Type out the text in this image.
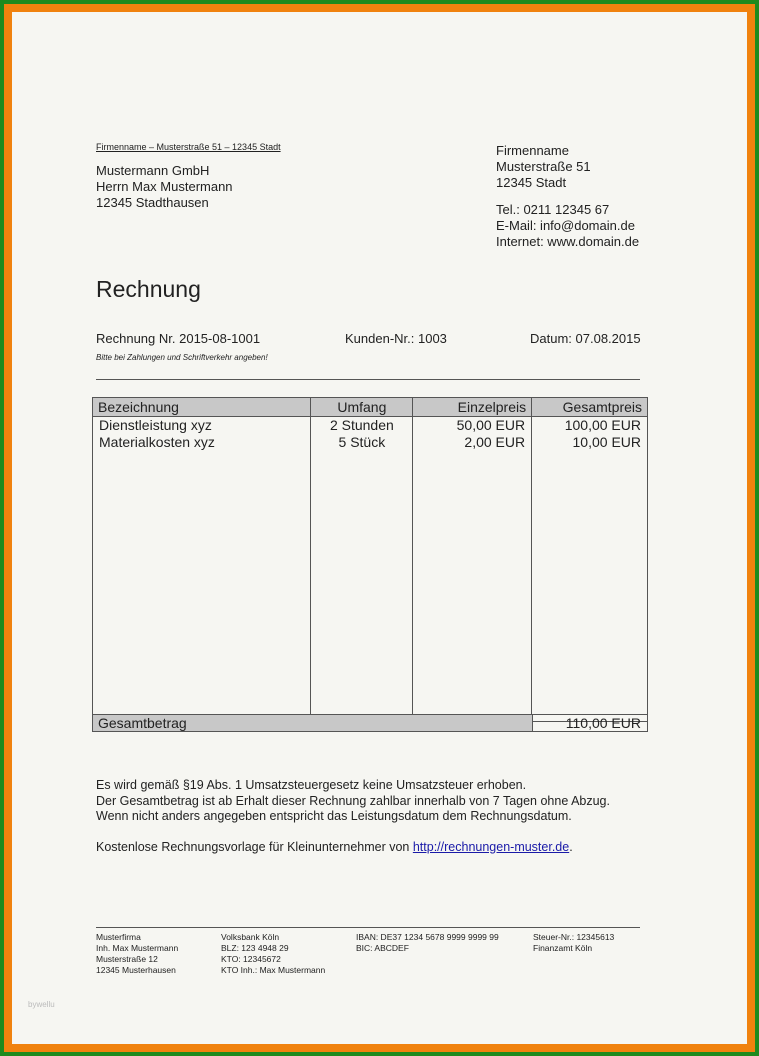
Firmenname – Musterstraße 51 – 12345 Stadt
Mustermann GmbH
Herrn Max Mustermann
12345 Stadthausen
Firmenname
Musterstraße 51
12345 Stadt
Tel.: 0211 12345 67
E-Mail: info@domain.de
Internet: www.domain.de
Rechnung
Rechnung Nr. 2015-08-1001	Kunden-Nr.: 1003	Datum: 07.08.2015
Bitte bei Zahlungen und Schriftverkehr angeben!
Bezeichnung	Umfang	Einzelpreis	Gesamtpreis
Dienstleistung xyz	2 Stunden	50,00 EUR	100,00 EUR
Materialkosten xyz	5 Stück	2,00 EUR	10,00 EUR

Gesamtbetrag	110,00 EUR
Es wird gemäß §19 Abs. 1 Umsatzsteuergesetz keine Umsatzsteuer erhoben.
Der Gesamtbetrag ist ab Erhalt dieser Rechnung zahlbar innerhalb von 7 Tagen ohne Abzug.
Wenn nicht anders angegeben entspricht das Leistungsdatum dem Rechnungsdatum.
Kostenlose Rechnungsvorlage für Kleinunternehmer von http://rechnungen-muster.de.
Musterfirma
Inh. Max Mustermann
Musterstraße 12
12345 Musterhausen
Volksbank Köln
BLZ: 123 4948 29
KTO: 12345672
KTO Inh.: Max Mustermann
IBAN: DE37 1234 5678 9999 9999 99
BIC: ABCDEF
Steuer-Nr.: 12345613
Finanzamt Köln
bywellu
